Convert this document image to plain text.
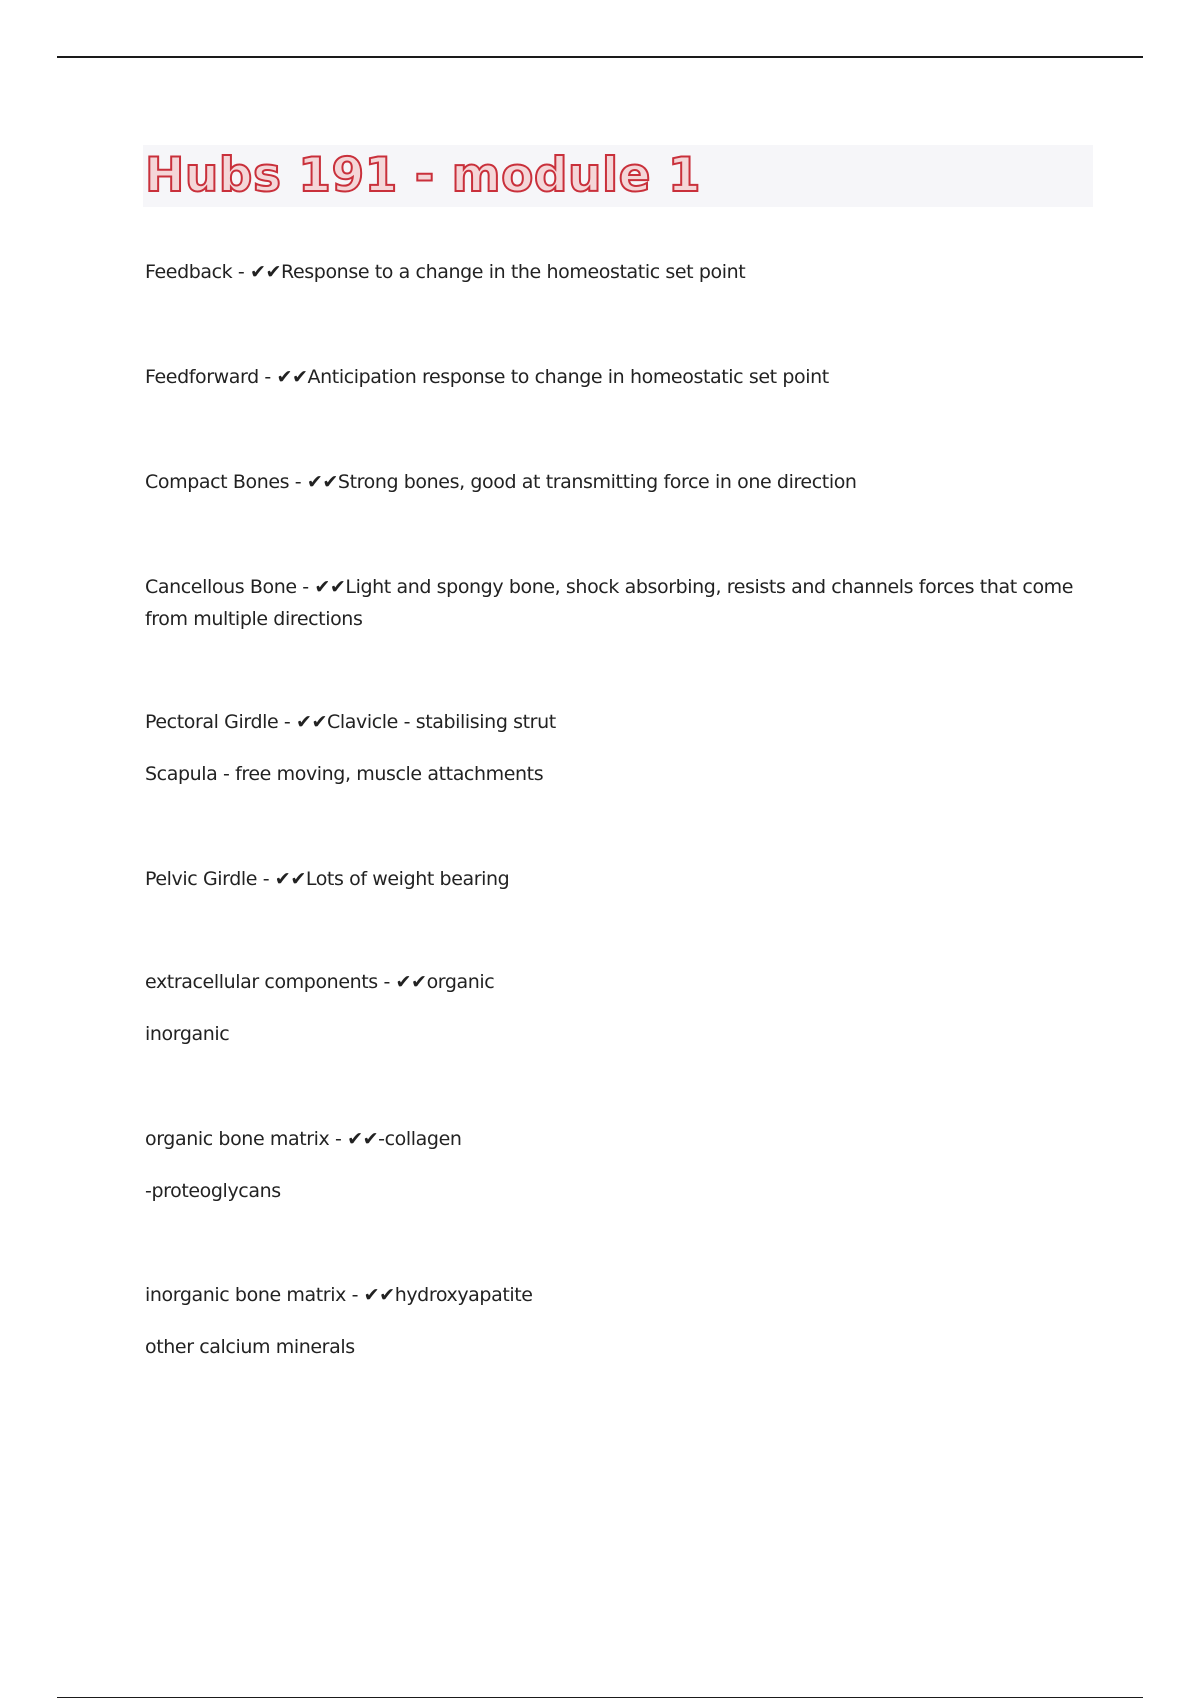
Hubs 191 - module 1
Feedback - ✔✔Response to a change in the homeostatic set point
Feedforward - ✔✔Anticipation response to change in homeostatic set point
Compact Bones - ✔✔Strong bones, good at transmitting force in one direction
Cancellous Bone - ✔✔Light and spongy bone, shock absorbing, resists and channels forces that come from multiple directions
Pectoral Girdle - ✔✔Clavicle - stabilising strut
Scapula - free moving, muscle attachments
Pelvic Girdle - ✔✔Lots of weight bearing
extracellular components - ✔✔organic
inorganic
organic bone matrix - ✔✔-collagen
-proteoglycans
inorganic bone matrix - ✔✔hydroxyapatite
other calcium minerals
